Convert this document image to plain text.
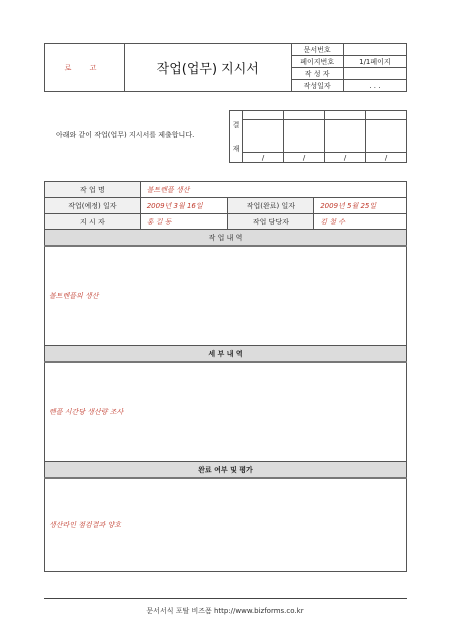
로 고	작업(업무) 지시서	문서번호	
		페이지번호	1/1페이지
		작 성 자	
		작성일자	. . .
아래와 같이 작업(업무) 지시서를 제출합니다.
결
재				

	/	/	/	/
작 업 명	볼트렌플 생산		
작업(예정) 일자	2009년 3월 16일	작업(완료) 일자	2009년 5월 25일
지 시 자	홍 길 동	작업 담당자	김 철 수
작 업 내 역			
볼트렌플의 생산			
세 부 내 역			
렌플 시간당 생산량 조사			
완료 여부 및 평가			
생산라인 점검결과 양호			
문서서식 포탈 비즈폼 http://www.bizforms.co.kr
